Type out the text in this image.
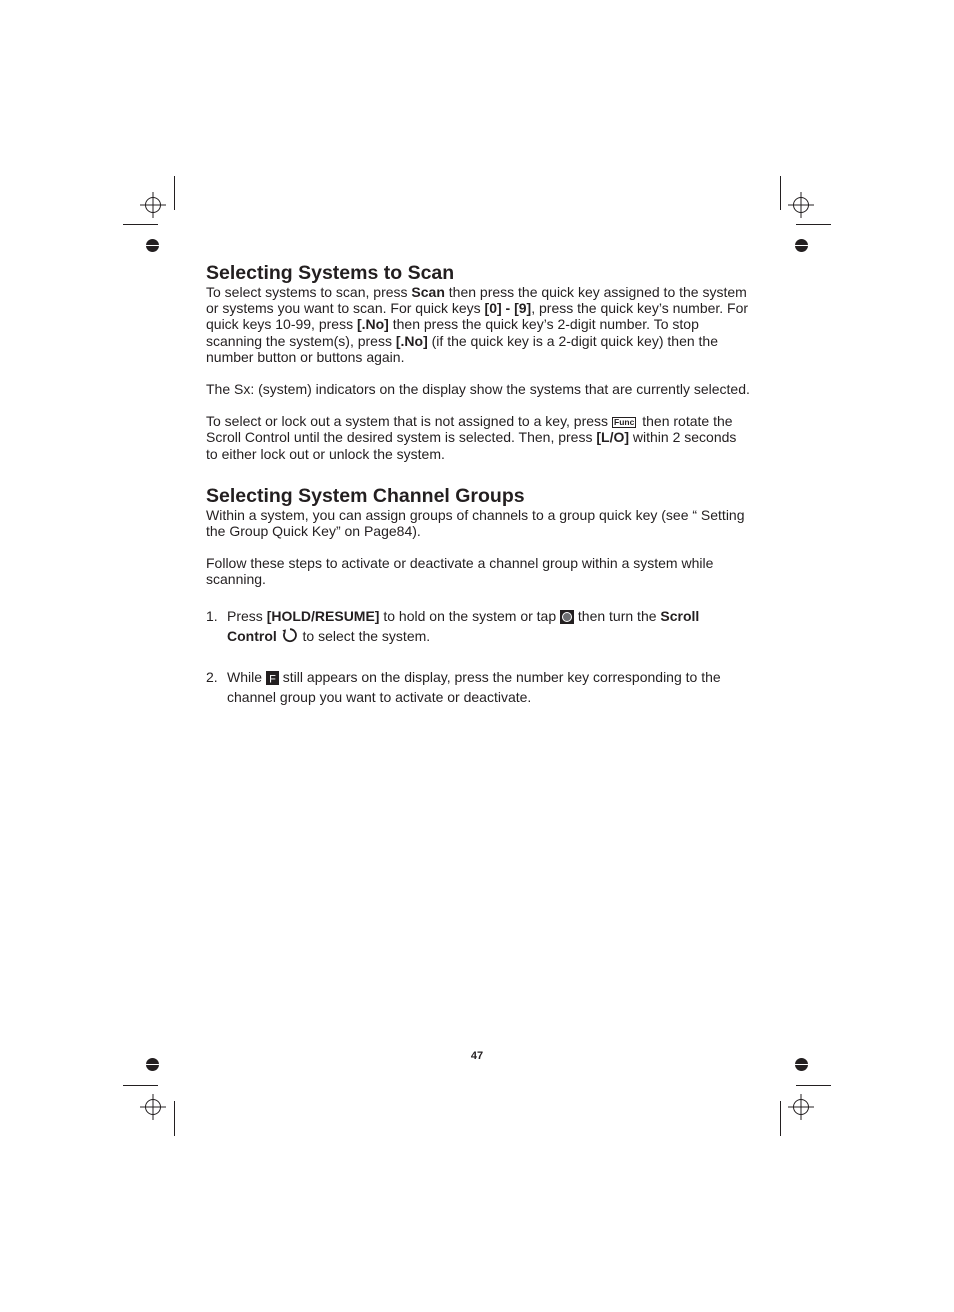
Selecting Systems to Scan

To select systems to scan, press Scan then press the quick key assigned to the system or systems you want to scan. For quick keys [0] - [9], press the quick key’s number. For quick keys 10-99, press [.No] then press the quick key’s 2-digit number. To stop scanning the system(s), press [.No] (if the quick key is a 2-digit quick key) then the number button or buttons again.

The Sx: (system) indicators on the display show the systems that are currently selected.

To select or lock out a system that is not assigned to a key, press Func then rotate the Scroll Control until the desired system is selected. Then, press [L/O] within 2 seconds to either lock out or unlock the system.

Selecting System Channel Groups

Within a system, you can assign groups of channels to a group quick key (see “ Setting the Group Quick Key” on Page84).

Follow these steps to activate or deactivate a channel group within a system while scanning.

1. Press [HOLD/RESUME] to hold on the system or tap  then turn the Scroll Control  to select the system.
2. While F still appears on the display, press the number key corresponding to the channel group you want to activate or deactivate.
47
